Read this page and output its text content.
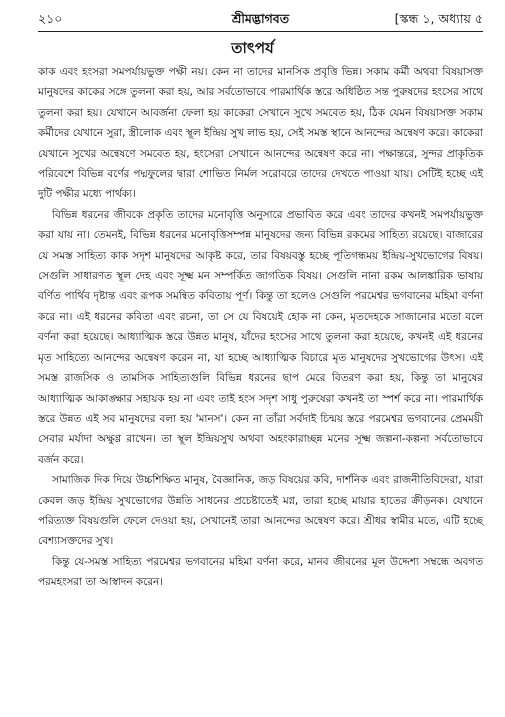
২১০	শ্রীমদ্ভাগবত	[স্কন্ধ ১, অধ্যায় ৫
তাৎপর্য

কাক এবং হংসরা সমপর্যায়ভুক্ত পক্ষী নয়। কেন না তাদের মানসিক প্রবৃত্তি ভিন্ন। সকাম কর্মী অথবা বিষয়াসক্ত মানুষদের কাকের সঙ্গে তুলনা করা হয়, আর সর্বতোভাবে পারমার্থিক স্তরে অধিষ্ঠিত সন্ত পুরুষদের হংসের সাথে তুলনা করা হয়। যেখানে আবর্জনা ফেলা হয় কাকেরা সেখানে সুখে সমবেত হয়, ঠিক যেমন বিষয়াসক্ত সকাম কর্মীদের যেখানে সুরা, স্ত্রীলোক এবং স্থূল ইন্দ্রিয় সুখ লাভ হয়, সেই সমস্ত স্থানে আনন্দের অন্বেষণ করে। কাকেরা যেখানে সুখের অন্বেষণে সমবেত হয়, হংসেরা সেখানে আনন্দের অন্বেষণ করে না। পক্ষান্তরে, সুন্দর প্রাকৃতিক পরিবেশে বিভিন্ন বর্ণের পদ্মফুলের দ্বারা শোভিত নির্মল সরোবরে তাদের দেখতে পাওয়া যায়। সেটিই হচ্ছে এই দুটি পক্ষীর মধ্যে পার্থক্য।

বিভিন্ন ধরনের জীবকে প্রকৃতি তাদের মনোবৃত্তি অনুসারে প্রভাবিত করে এবং তাদের কখনই সমপর্যায়ভুক্ত করা যায় না। তেমনই, বিভিন্ন ধরনের মনোবৃত্তিসম্পন্ন মানুষদের জন্য বিভিন্ন রকমের সাহিত্য রয়েছে। বাজারের যে সমস্ত সাহিত্য কাক সদৃশ মানুষদের আকৃষ্ট করে, তার বিষয়বস্তু হচ্ছে পূতিগন্ধময় ইন্দ্রিয়-সুখভোগের বিষয়। সেগুলি সাধারণত স্থূল দেহ এবং সূক্ষ্ম মন সম্পর্কিত জাগতিক বিষয়। সেগুলি নানা রকম আলঙ্কারিক ভাষায় বর্ণিত পার্থিব দৃষ্টান্ত এবং রূপক সমন্বিত কবিতায় পূর্ণ। কিন্তু তা হলেও সেগুলি পরমেশ্বর ভগবানের মহিমা বর্ণনা করে না। এই ধরনের কবিতা এবং রচনা, তা সে যে বিষয়েই হোক না কেন, মৃতদেহকে সাজানোর মতো বলে বর্ণনা করা হয়েছে। আধ্যাত্মিক স্তরে উন্নত মানুষ, যাঁদের হংসের সাথে তুলনা করা হয়েছে, কখনই এই ধরনের মৃত সাহিত্যে আনন্দের অন্বেষণ করেন না, যা হচ্ছে আধ্যাত্মিক বিচারে মৃত মানুষদের সুখভোগের উৎস। এই সমস্ত রাজসিক ও তামসিক সাহিত্যগুলি বিভিন্ন ধরনের ছাপ মেরে বিতরণ করা হয়, কিন্তু তা মানুষের আধ্যাত্মিক আকাঙ্ক্ষার সহায়ক হয় না এবং তাই হংস সদৃশ সাধু পুরুষেরা কখনই তা স্পর্শ করে না। পারমার্থিক স্তরে উন্নত এই সব মানুষদের বলা হয় 'মানস'। কেন না তাঁরা সর্বদাই চিন্ময় স্তরে পরমেশ্বর ভগবানের প্রেমময়ী সেবার মর্যাদা অক্ষুণ্ণ রাখেন। তা স্থূল ইন্দ্রিয়সুখ অথবা অহংকারাচ্ছন্ন মনের সূক্ষ্ম জল্পনা-কল্পনা সর্বতোভাবে বর্জন করে।

সামাজিক দিক দিয়ে উচ্চশিক্ষিত মানুষ, বৈজ্ঞানিক, জড় বিষয়ের কবি, দার্শনিক এবং রাজনীতিবিদেরা, যারা কেবল জড় ইন্দ্রিয় সুখভোগের উন্নতি সাধনের প্রচেষ্টাতেই মগ্ন, তারা হচ্ছে মায়ার হাতের ক্রীড়নক। যেখানে পরিত্যক্ত বিষয়গুলি ফেলে দেওয়া হয়, সেখানেই তারা আনন্দের অন্বেষণ করে। শ্রীধর স্বামীর মতে, এটি হচ্ছে বেশ্যাসক্তদের সুখ।

কিন্তু যে-সমস্ত সাহিত্য পরমেশ্বর ভগবানের মহিমা বর্ণনা করে, মানব জীবনের মূল উদ্দেশ্য সম্বন্ধে অবগত পরমহংসরা তা আস্বাদন করেন।
